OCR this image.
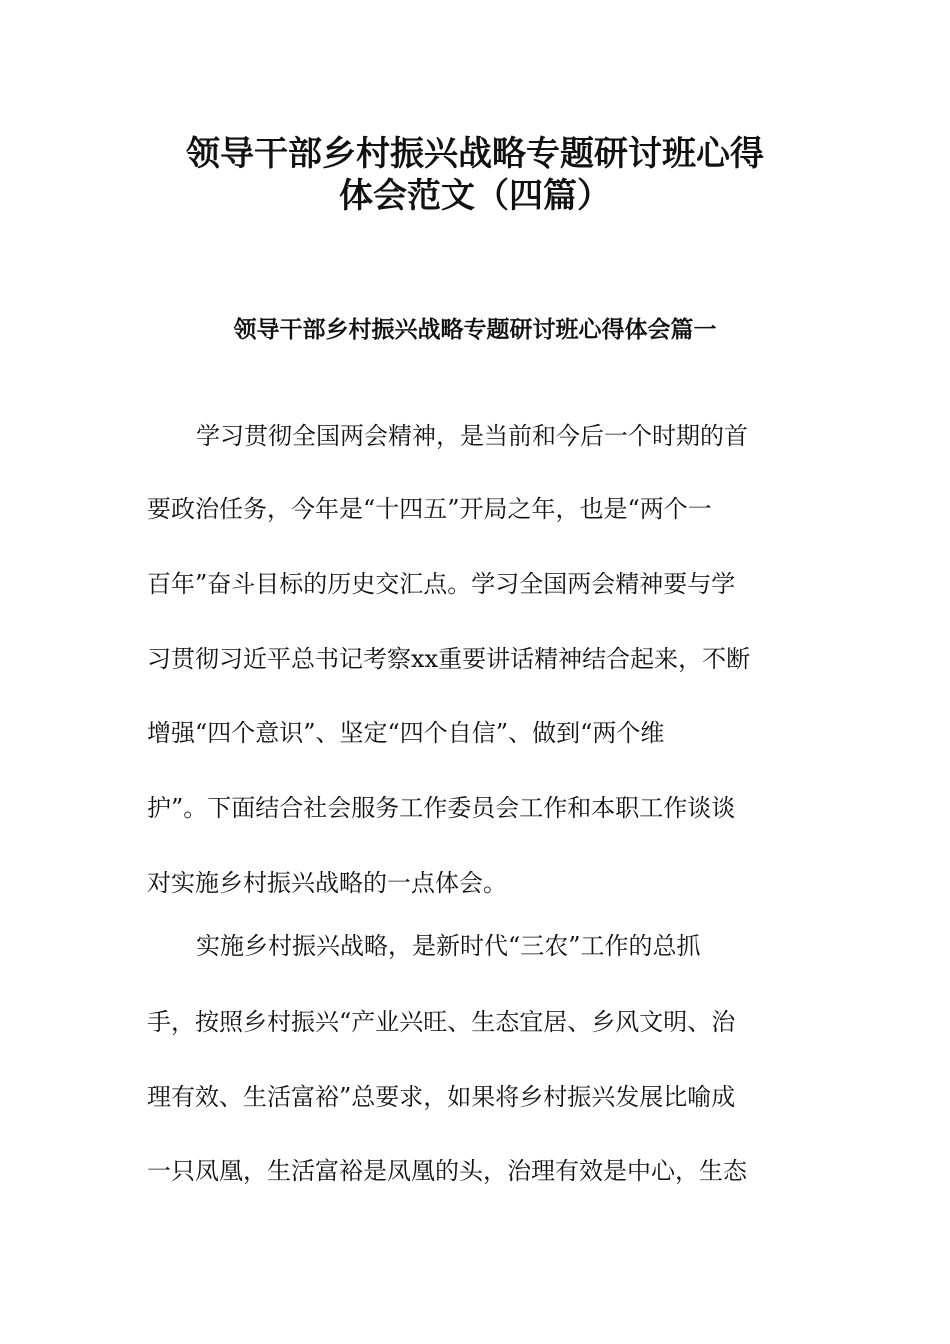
领导干部乡村振兴战略专题研讨班心得
体会范文（四篇）
领导干部乡村振兴战略专题研讨班心得体会篇一
学习贯彻全国两会精神，是当前和今后一个时期的首
要政治任务，今年是“十四五”开局之年，也是“两个一
百年”奋斗目标的历史交汇点。学习全国两会精神要与学
习贯彻习近平总书记考察xx重要讲话精神结合起来，不断
增强“四个意识”、坚定“四个自信”、做到“两个维
护”。下面结合社会服务工作委员会工作和本职工作谈谈
对实施乡村振兴战略的一点体会。
实施乡村振兴战略，是新时代“三农”工作的总抓
手，按照乡村振兴“产业兴旺、生态宜居、乡风文明、治
理有效、生活富裕”总要求，如果将乡村振兴发展比喻成
一只凤凰，生活富裕是凤凰的头，治理有效是中心，生态
